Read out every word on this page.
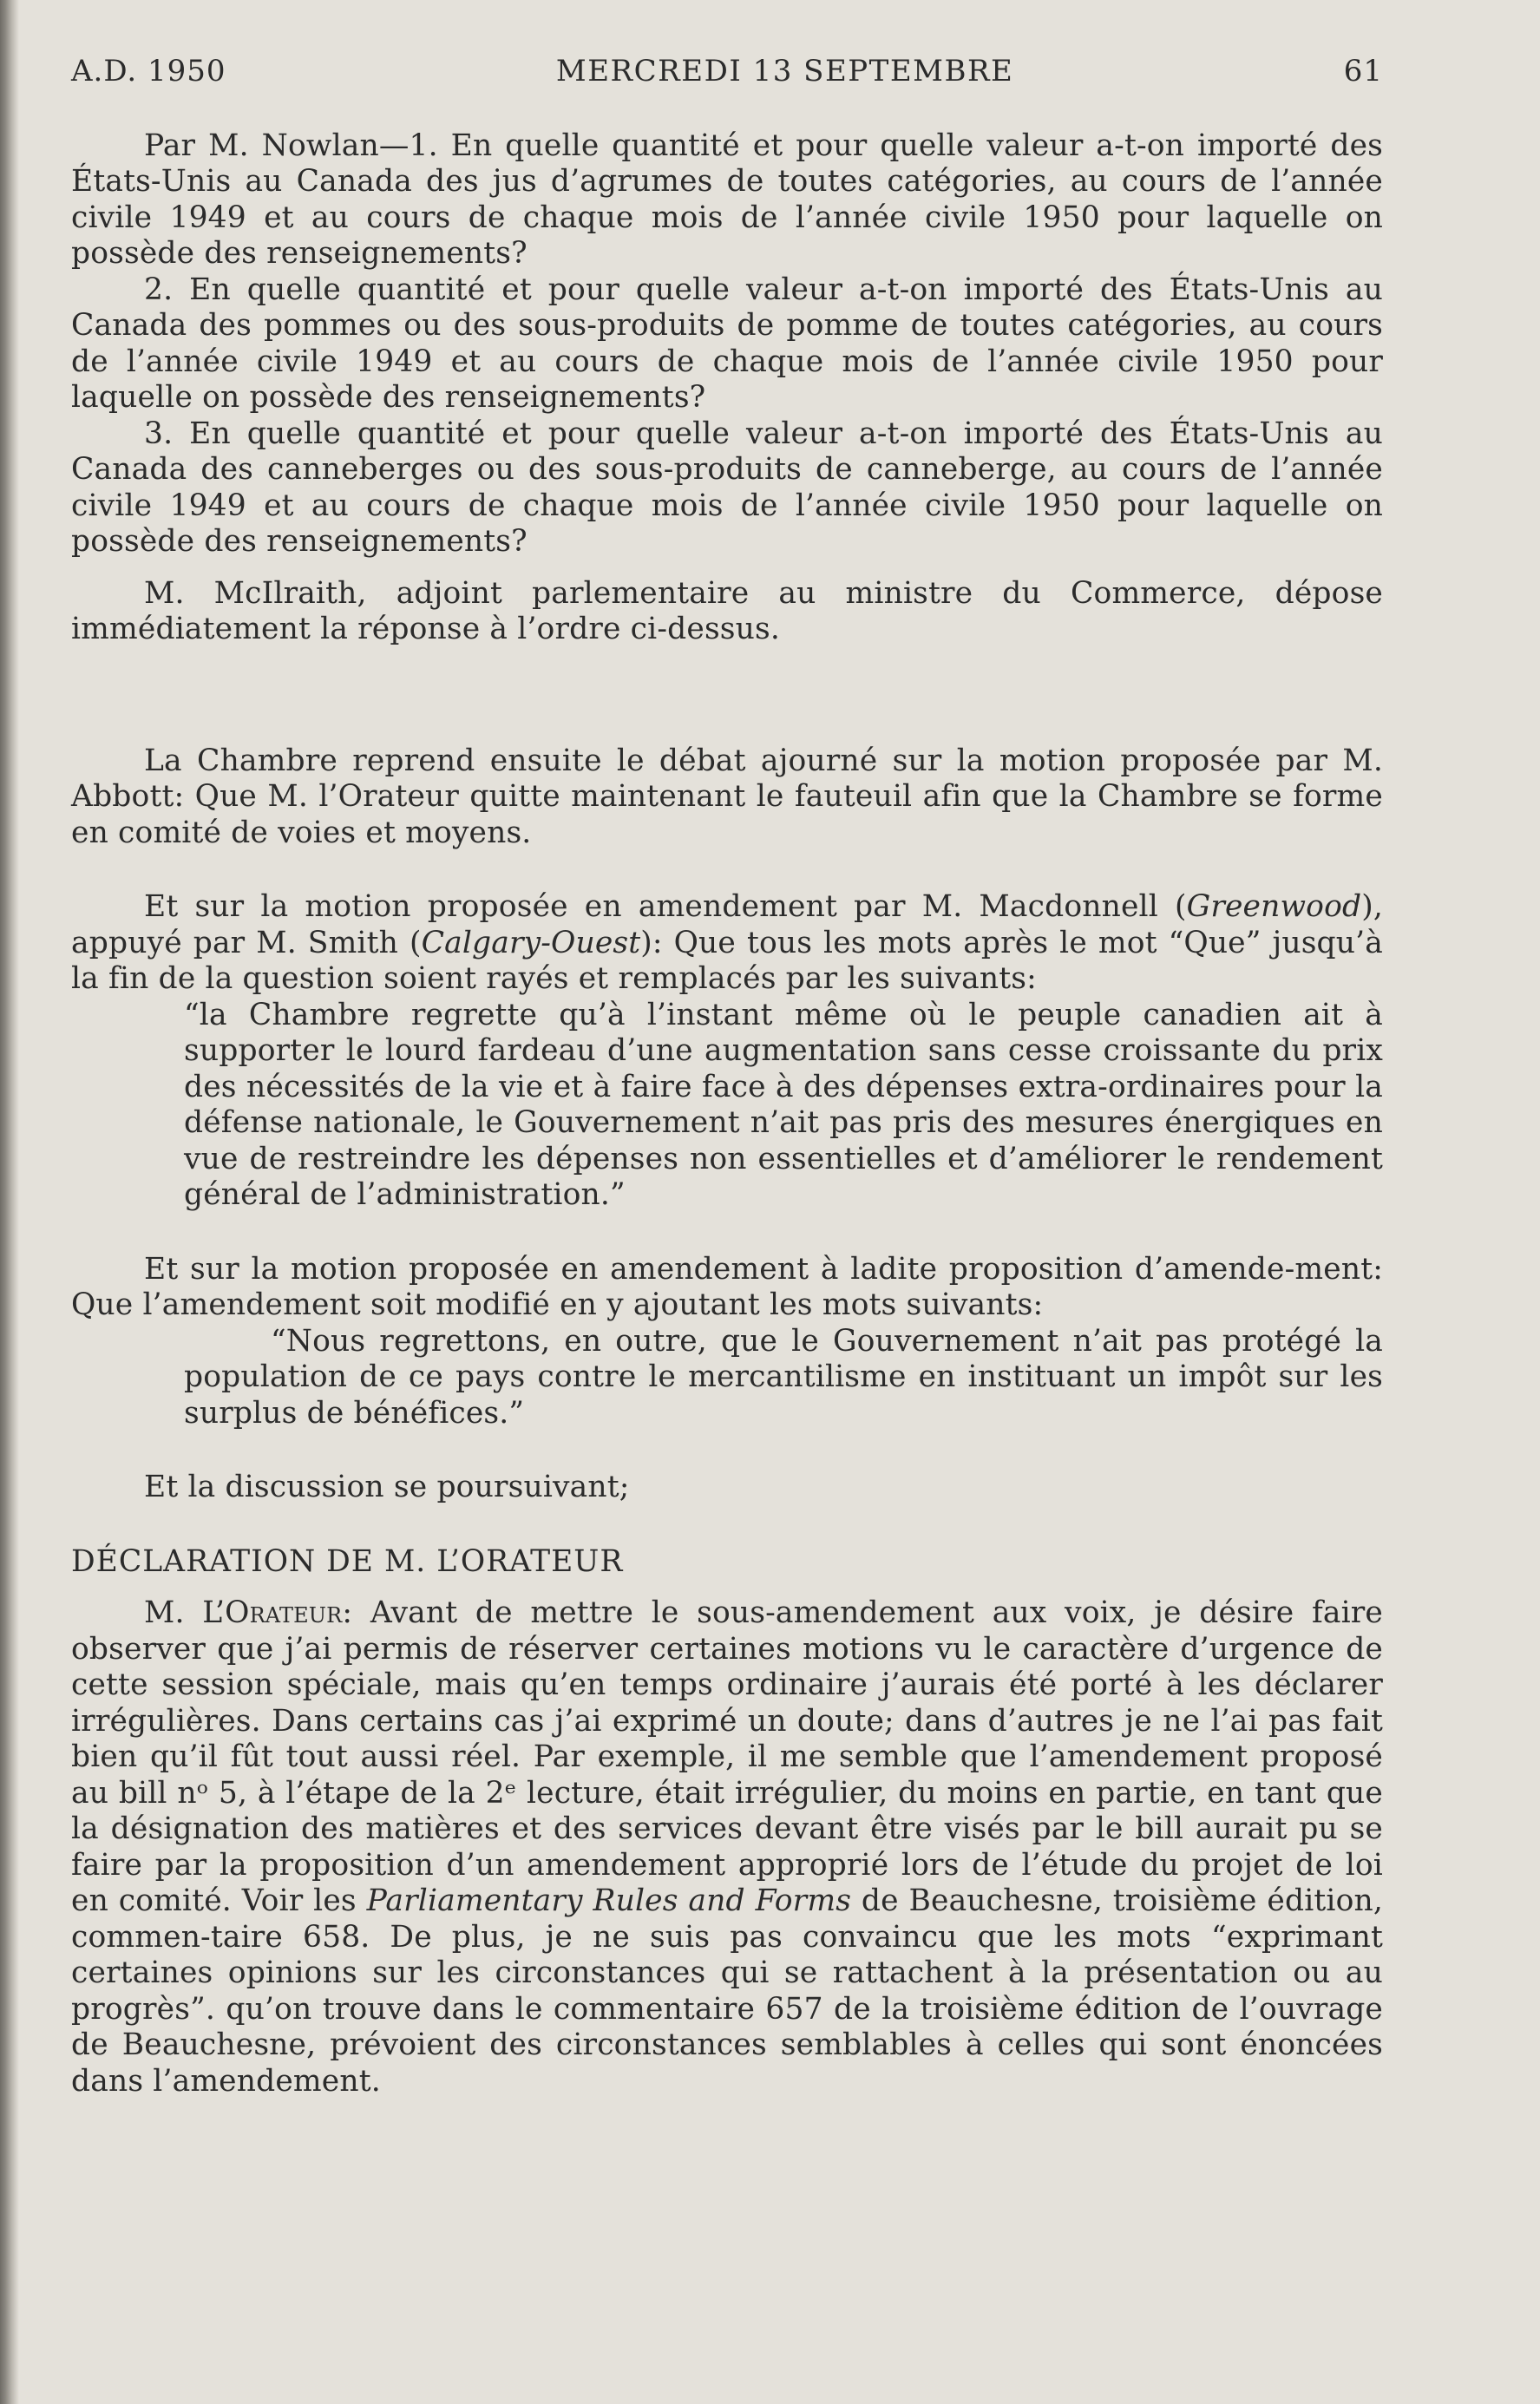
A.D. 1950	MERCREDI 13 SEPTEMBRE	61

Par M. Nowlan—1. En quelle quantité et pour quelle valeur a-t-on importé des États-Unis au Canada des jus d’agrumes de toutes catégories, au cours de l’année civile 1949 et au cours de chaque mois de l’année civile 1950 pour laquelle on possède des renseignements?

2. En quelle quantité et pour quelle valeur a-t-on importé des États-Unis au Canada des pommes ou des sous-produits de pomme de toutes catégories, au cours de l’année civile 1949 et au cours de chaque mois de l’année civile 1950 pour laquelle on possède des renseignements?

3. En quelle quantité et pour quelle valeur a-t-on importé des États-Unis au Canada des canneberges ou des sous-produits de canneberge, au cours de l’année civile 1949 et au cours de chaque mois de l’année civile 1950 pour laquelle on possède des renseignements?

M. McIlraith, adjoint parlementaire au ministre du Commerce, dépose immédiatement la réponse à l’ordre ci-dessus.

La Chambre reprend ensuite le débat ajourné sur la motion proposée par M. Abbott: Que M. l’Orateur quitte maintenant le fauteuil afin que la Chambre se forme en comité de voies et moyens.

Et sur la motion proposée en amendement par M. Macdonnell (Greenwood), appuyé par M. Smith (Calgary-Ouest): Que tous les mots après le mot “Que” jusqu’à la fin de la question soient rayés et remplacés par les suivants:

“la Chambre regrette qu’à l’instant même où le peuple canadien ait à supporter le lourd fardeau d’une augmentation sans cesse croissante du prix des nécessités de la vie et à faire face à des dépenses extra-ordinaires pour la défense nationale, le Gouvernement n’ait pas pris des mesures énergiques en vue de restreindre les dépenses non essentielles et d’améliorer le rendement général de l’administration.”

Et sur la motion proposée en amendement à ladite proposition d’amende-ment: Que l’amendement soit modifié en y ajoutant les mots suivants:

“Nous regrettons, en outre, que le Gouvernement n’ait pas protégé la population de ce pays contre le mercantilisme en instituant un impôt sur les surplus de bénéfices.”

Et la discussion se poursuivant;

DÉCLARATION DE M. L’ORATEUR

M. L’Orateur: Avant de mettre le sous-amendement aux voix, je désire faire observer que j’ai permis de réserver certaines motions vu le caractère d’urgence de cette session spéciale, mais qu’en temps ordinaire j’aurais été porté à les déclarer irrégulières. Dans certains cas j’ai exprimé un doute; dans d’autres je ne l’ai pas fait bien qu’il fût tout aussi réel. Par exemple, il me semble que l’amendement proposé au bill nᵒ 5, à l’étape de la 2ᵉ lecture, était irrégulier, du moins en partie, en tant que la désignation des matières et des services devant être visés par le bill aurait pu se faire par la proposition d’un amendement approprié lors de l’étude du projet de loi en comité. Voir les Parliamentary Rules and Forms de Beauchesne, troisième édition, commen-taire 658. De plus, je ne suis pas convaincu que les mots “exprimant certaines opinions sur les circonstances qui se rattachent à la présentation ou au progrès”. qu’on trouve dans le commentaire 657 de la troisième édition de l’ouvrage de Beauchesne, prévoient des circonstances semblables à celles qui sont énoncées dans l’amendement.
